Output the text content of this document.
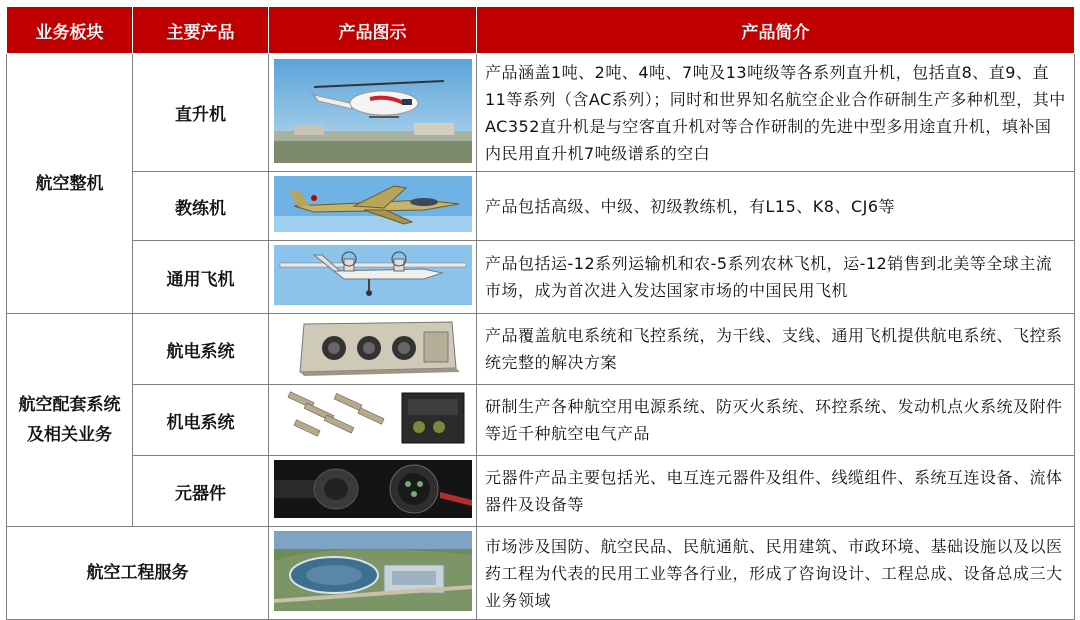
业务板块	主要产品	产品图示	产品简介
航空整机	直升机		产品涵盖1吨、2吨、4吨、7吨及13吨级等各系列直升机，包括直8、直9、直11等系列（含AC系列）；同时和世界知名航空企业合作研制生产多种机型，其中AC352直升机是与空客直升机对等合作研制的先进中型多用途直升机，填补国内民用直升机7吨级谱系的空白
	教练机		产品包括高级、中级、初级教练机，有L15、K8、CJ6等
	通用飞机		产品包括运-12系列运输机和农-5系列农林飞机，运-12销售到北美等全球主流市场，成为首次进入发达国家市场的中国民用飞机
航空配套系统及相关业务	航电系统		产品覆盖航电系统和飞控系统，为干线、支线、通用飞机提供航电系统、飞控系统完整的解决方案
	机电系统		研制生产各种航空用电源系统、防灭火系统、环控系统、发动机点火系统及附件等近千种航空电气产品
	元器件		元器件产品主要包括光、电互连元器件及组件、线缆组件、系统互连设备、流体器件及设备等
航空工程服务			市场涉及国防、航空民品、民航通航、民用建筑、市政环境、基础设施以及以医药工程为代表的民用工业等各行业，形成了咨询设计、工程总成、设备总成三大业务领域
